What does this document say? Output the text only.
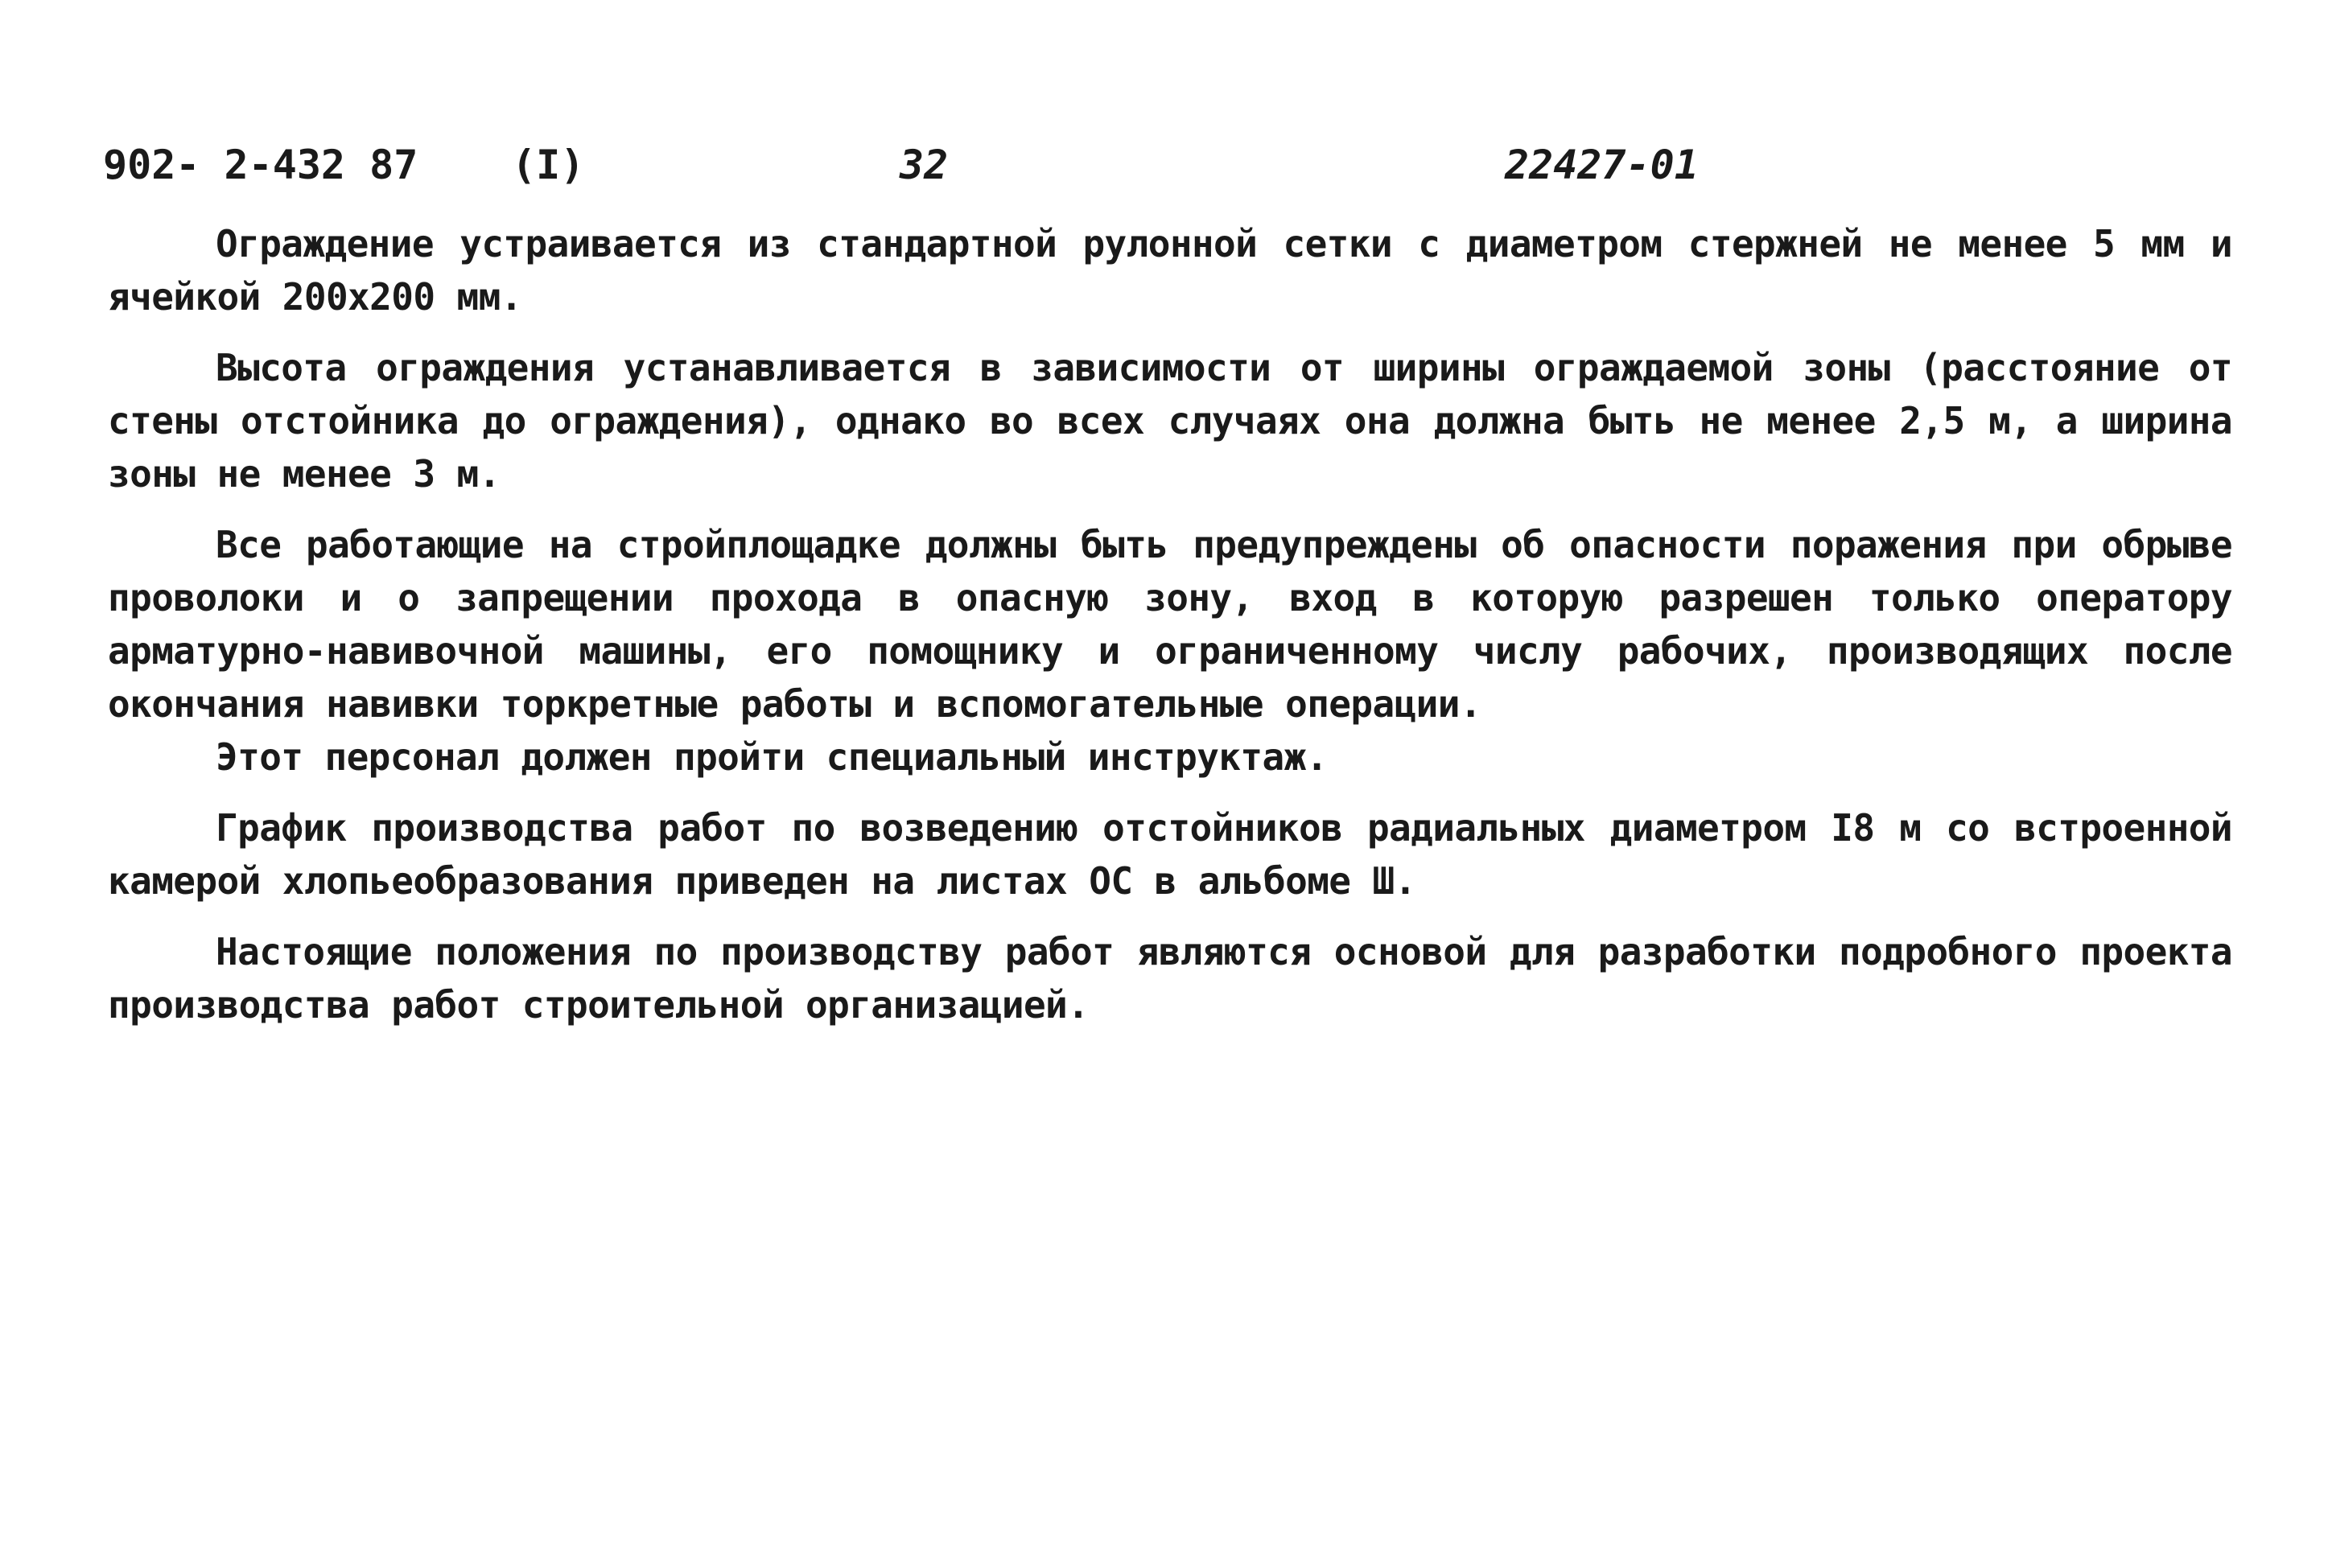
902- 2-432 87 (I)	32	22427-01

Ограждение устраивается из стандартной рулонной сетки с диаметром стержней не менее 5 мм и ячейкой 200х200 мм.

Высота ограждения устанавливается в зависимости от ширины ограждаемой зоны (расстояние от стены отстойника до ограждения), однако во всех случаях она должна быть не менее 2,5 м, а ширина зоны не менее 3 м.

Все работающие на стройплощадке должны быть предупреждены об опасности поражения при обрыве проволоки и о запрещении прохода в опасную зону, вход в которую разрешен только оператору арматурно-навивочной машины, его помощнику и ограниченному числу рабочих, производящих после окончания навивки торкретные работы и вспомогательные операции.

Этот персонал должен пройти специальный инструктаж.

График производства работ по возведению отстойников радиальных диаметром I8 м со встроенной камерой хлопьеобразования приведен на листах ОС в альбоме Ш.

Настоящие положения по производству работ являются основой для разработки подробного проекта производства работ строительной организацией.
